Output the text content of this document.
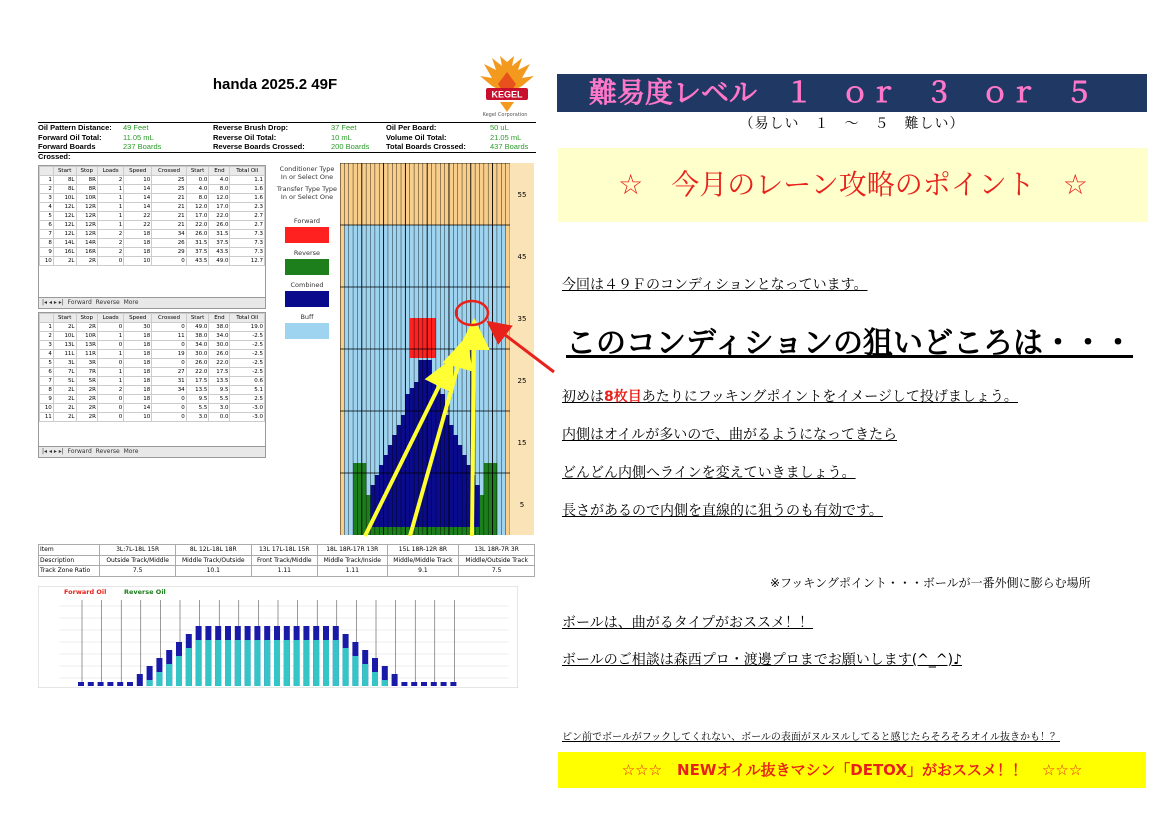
handa 2025.2 49F
KEGEL
Kegel Corporation
Oil Pattern Distance:	49 Feet	Reverse Brush Drop:	37 Feet	Oil Per Board:	50 uL
Forward Oil Total:	11.05 mL	Reverse Oil Total:	10 mL	Volume Oil Total:	21.05 mL
Forward Boards Crossed:
237 Boards	Reverse Boards Crossed:	200 Boards	Total Boards Crossed:	437 Boards
	Start	Stop	Loads	Speed	Crossed	Start	End	Total Oil
1	8L	8R	2	10	25	0.0	4.0	1.1
2	8L	8R	1	14	25	4.0	8.0	1.6
3	10L	10R	1	14	21	8.0	12.0	1.6
4	12L	12R	1	14	21	12.0	17.0	2.3
5	12L	12R	1	22	21	17.0	22.0	2.7
6	12L	12R	1	22	21	22.0	26.0	2.7
7	12L	12R	2	18	34	26.0	31.5	7.3
8	14L	14R	2	18	26	31.5	37.5	7.3
9	16L	16R	2	18	29	37.5	43.5	7.3
10	2L	2R	0	10	0	43.5	49.0	12.7
|◂ ◂ ▸ ▸|  Forward Reverse More
	Start	Stop	Loads	Speed	Crossed	Start	End	Total Oil
1	2L	2R	0	30	0	49.0	38.0	19.0
2	10L	10R	1	18	11	38.0	34.0	-2.5
3	13L	13R	0	18	0	34.0	30.0	-2.5
4	11L	11R	1	18	19	30.0	26.0	-2.5
5	3L	3R	0	18	0	26.0	22.0	-2.5
6	7L	7R	1	18	27	22.0	17.5	-2.5
7	5L	5R	1	18	31	17.5	13.5	0.6
8	2L	2R	2	18	34	13.5	9.5	5.1
9	2L	2R	0	18	0	9.5	5.5	2.5
10	2L	2R	0	14	0	5.5	3.0	-3.0
11	2L	2R	0	10	0	3.0	0.0	-3.0
|◂ ◂ ▸ ▸|  Forward Reverse More
Conditioner Type In or Select One
Transfer Type Type In or Select One
Forward
Reverse
Combined
Buff
55
45
35
25
15
5
Item	3L:7L-18L 15R	8L 12L-18L 18R	13L 17L-18L 15R	18L 18R-17R 13R	15L 18R-12R 8R	13L 18R-7R 3R
Description	Outside Track/Middle	Middle Track/Outside	Front Track/Middle	Middle Track/Inside	Middle/Middle Track	Middle/Outside Track
Track Zone Ratio	7.5	10.1	1.11	1.11	9.1	7.5
Forward Oil	Reverse Oil
難易度レベル　１　ｏｒ　３　ｏｒ　５
（易しい　１　～　５　難しい）
☆　今月のレーン攻略のポイント　☆
今回は４９Ｆのコンディションとなっています。
このコンディションの狙いどころは・・・
初めは8枚目あたりにフッキングポイントをイメージして投げましょう。
内側はオイルが多いので、曲がるようになってきたら
どんどん内側へラインを変えていきましょう。
長さがあるので内側を直線的に狙うのも有効です。
※フッキングポイント・・・ボールが一番外側に膨らむ場所
ボールは、曲がるタイプがおススメ！！
ボールのご相談は森西プロ・渡邊プロまでお願いします(^_^)♪
ピン前でボールがフックしてくれない、ボールの表面がヌルヌルしてると感じたらそろそろオイル抜きかも！？
☆☆☆　NEWオイル抜きマシン「DETOX」がおススメ！！　☆☆☆
